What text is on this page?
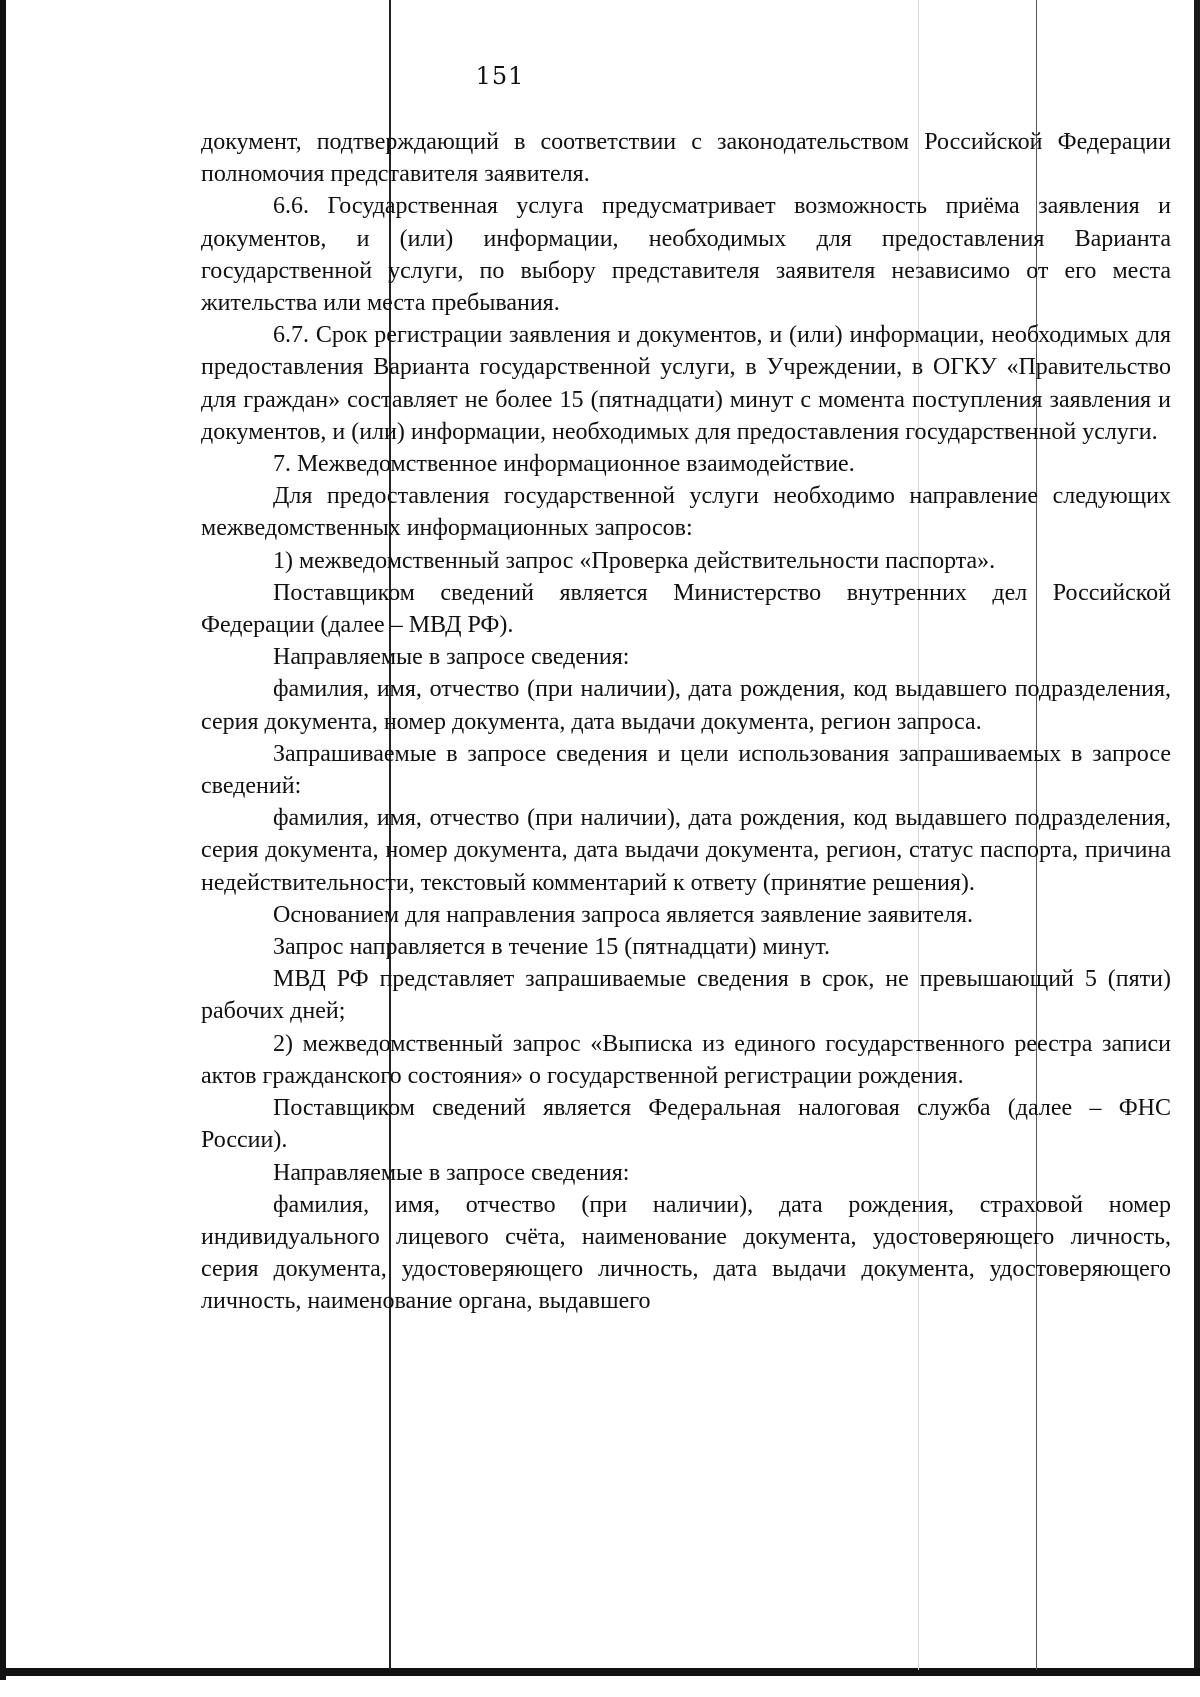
151

документ, подтверждающий в соответствии с законодательством Российской Федерации полномочия представителя заявителя.

6.6. Государственная услуга предусматривает возможность приёма заявления и документов, и (или) информации, необходимых для предоставления Варианта государственной услуги, по выбору представителя заявителя независимо от его места жительства или места пребывания.

6.7. Срок регистрации заявления и документов, и (или) информации, необходимых для предоставления Варианта государственной услуги, в Учреждении, в ОГКУ «Правительство для граждан» составляет не более 15 (пятнадцати) минут с момента поступления заявления и документов, и (или) информации, необходимых для предоставления государственной услуги.

7. Межведомственное информационное взаимодействие.

Для предоставления государственной услуги необходимо направление следующих межведомственных информационных запросов:

1) межведомственный запрос «Проверка действительности паспорта».

Поставщиком сведений является Министерство внутренних дел Российской Федерации (далее – МВД РФ).

Направляемые в запросе сведения:

фамилия, имя, отчество (при наличии), дата рождения, код выдавшего подразделения, серия документа, номер документа, дата выдачи документа, регион запроса.

Запрашиваемые в запросе сведения и цели использования запрашиваемых в запросе сведений:

фамилия, имя, отчество (при наличии), дата рождения, код выдавшего подразделения, серия документа, номер документа, дата выдачи документа, регион, статус паспорта, причина недействительности, текстовый комментарий к ответу (принятие решения).

Основанием для направления запроса является заявление заявителя.

Запрос направляется в течение 15 (пятнадцати) минут.

МВД РФ представляет запрашиваемые сведения в срок, не превышающий 5 (пяти) рабочих дней;

2) межведомственный запрос «Выписка из единого государственного реестра записи актов гражданского состояния» о государственной регистрации рождения.

Поставщиком сведений является Федеральная налоговая служба (далее – ФНС России).

Направляемые в запросе сведения:

фамилия, имя, отчество (при наличии), дата рождения, страховой номер индивидуального лицевого счёта, наименование документа, удостоверяющего личность, серия документа, удостоверяющего личность, дата выдачи документа, удостоверяющего личность, наименование органа, выдавшего
